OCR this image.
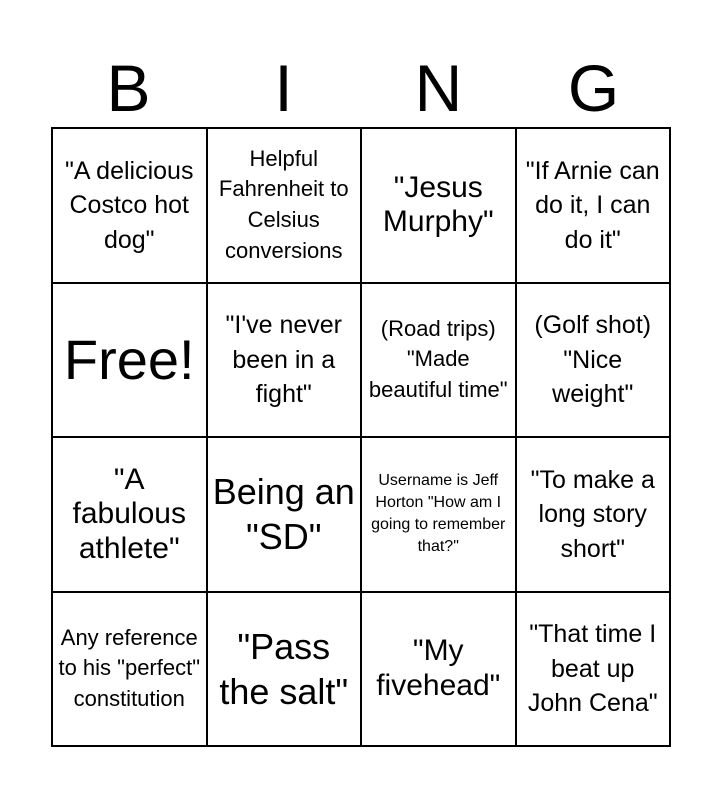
B	I	N	G
"A delicious Costco hot dog"
Helpful Fahrenheit to Celsius conversions
"Jesus Murphy"
"If Arnie can do it, I can do it"
Free!
"I've never been in a fight"
(Road trips) "Made beautiful time"
(Golf shot) "Nice weight"
"A fabulous athlete"
Being an "SD"
Username is Jeff Horton "How am I going to remember that?"
"To make a long story short"
Any reference to his "perfect" constitution
"Pass the salt"
"My fivehead"
"That time I beat up John Cena"
